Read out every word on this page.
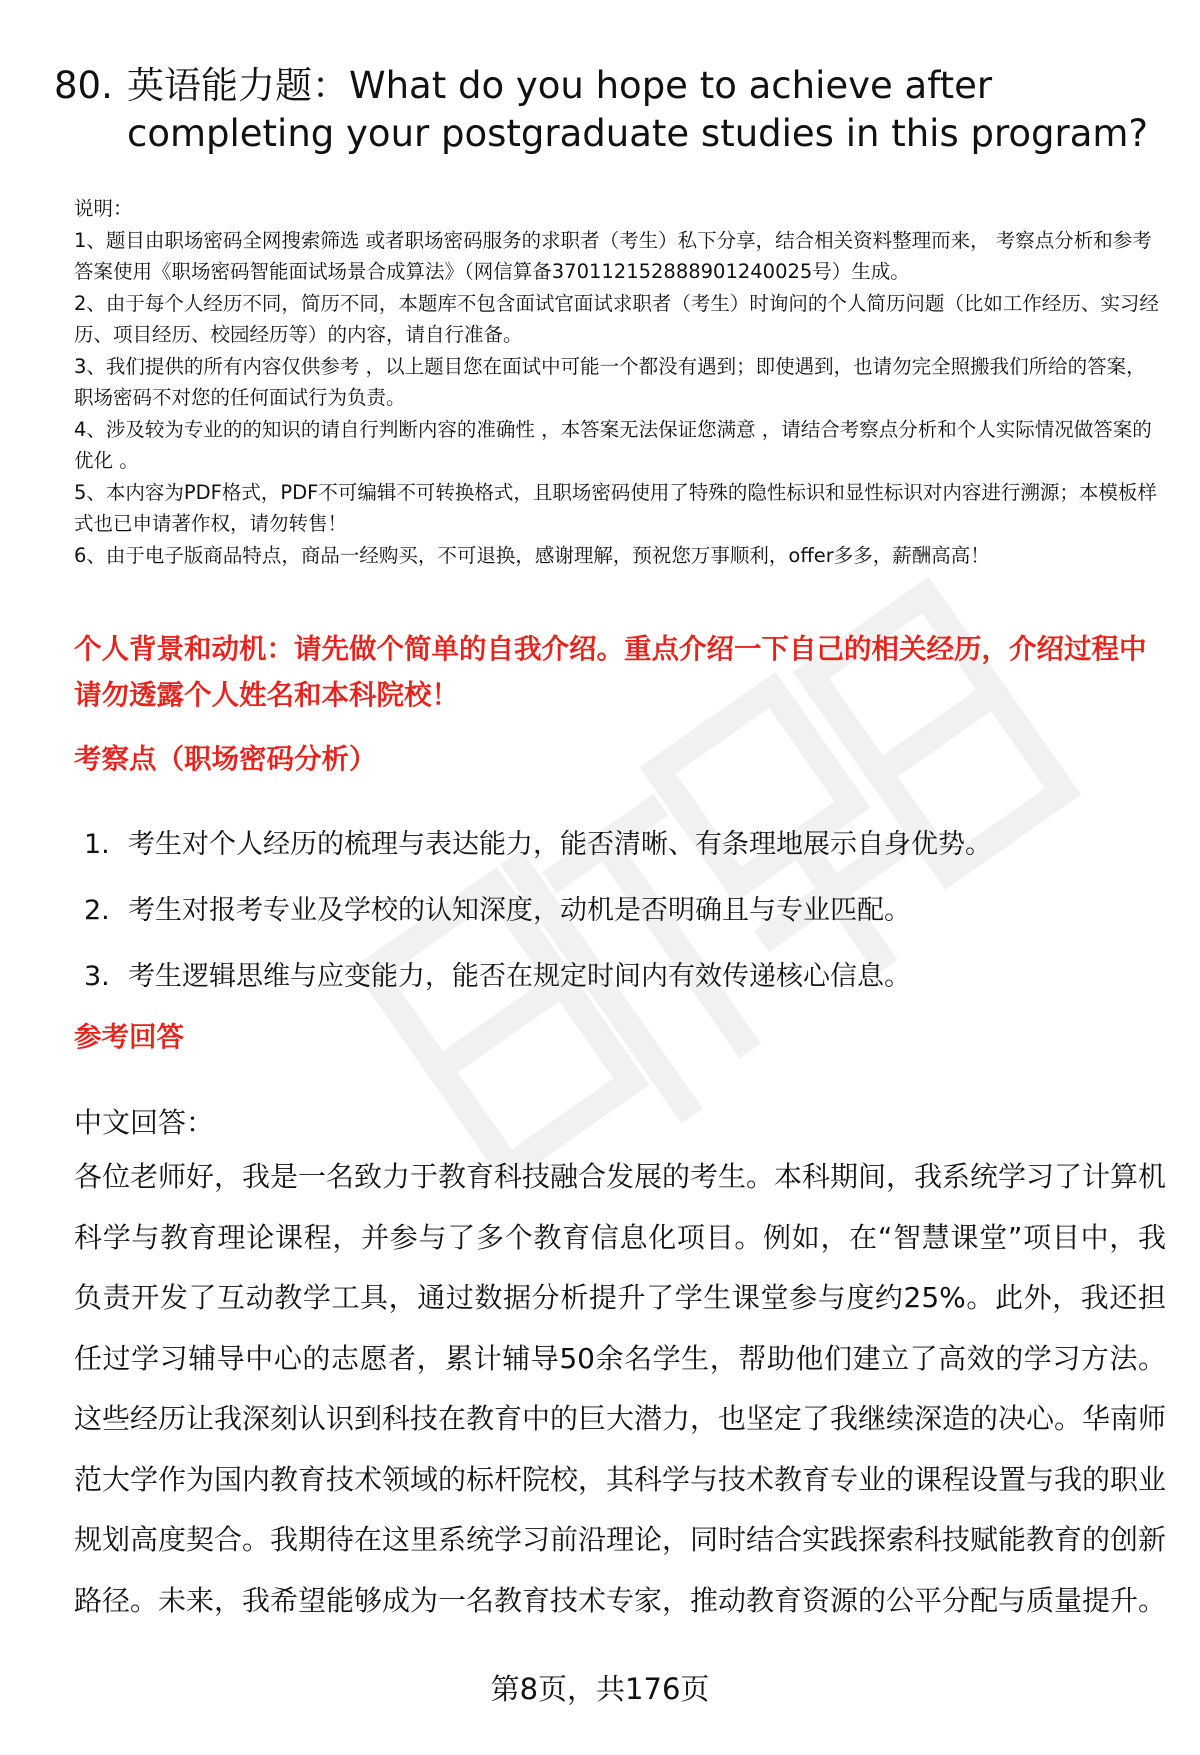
80. 英语能力题：What do you hope to achieve after completing your postgraduate studies in this program?

说明：

1、题目由职场密码全网搜索筛选 或者职场密码服务的求职者（考生）私下分享，结合相关资料整理而来， 考察点分析和参考答案使用《职场密码智能面试场景合成算法》（网信算备370112152888901240025号）生成。

2、由于每个人经历不同，简历不同，本题库不包含面试官面试求职者（考生）时询问的个人简历问题（比如工作经历、实习经历、项目经历、校园经历等）的内容，请自行准备。

3、我们提供的所有内容仅供参考 ，以上题目您在面试中可能一个都没有遇到；即使遇到，也请勿完全照搬我们所给的答案，职场密码不对您的任何面试行为负责。

4、涉及较为专业的的知识的请自行判断内容的准确性 ，本答案无法保证您满意 ，请结合考察点分析和个人实际情况做答案的优化 。

5、本内容为PDF格式，PDF不可编辑不可转换格式，且职场密码使用了特殊的隐性标识和显性标识对内容进行溯源；本模板样式也已申请著作权，请勿转售！

6、由于电子版商品特点，商品一经购买，不可退换，感谢理解，预祝您万事顺利，offer多多，薪酬高高！

个人背景和动机：请先做个简单的自我介绍。重点介绍一下自己的相关经历，介绍过程中请勿透露个人姓名和本科院校！
考察点（职场密码分析）
1. 考生对个人经历的梳理与表达能力，能否清晰、有条理地展示自身优势。
2. 考生对报考专业及学校的认知深度，动机是否明确且与专业匹配。
3. 考生逻辑思维与应变能力，能否在规定时间内有效传递核心信息。
参考回答
中文回答：

各位老师好，我是一名致力于教育科技融合发展的考生。本科期间，我系统学习了计算机科学与教育理论课程，并参与了多个教育信息化项目。例如，在“智慧课堂”项目中，我负责开发了互动教学工具，通过数据分析提升了学生课堂参与度约25%。此外，我还担任过学习辅导中心的志愿者，累计辅导50余名学生，帮助他们建立了高效的学习方法。这些经历让我深刻认识到科技在教育中的巨大潜力，也坚定了我继续深造的决心。华南师范大学作为国内教育技术领域的标杆院校，其科学与技术教育专业的课程设置与我的职业规划高度契合。我期待在这里系统学习前沿理论，同时结合实践探索科技赋能教育的创新路径。未来，我希望能够成为一名教育技术专家，推动教育资源的公平分配与质量提升。

第8页，共176页
